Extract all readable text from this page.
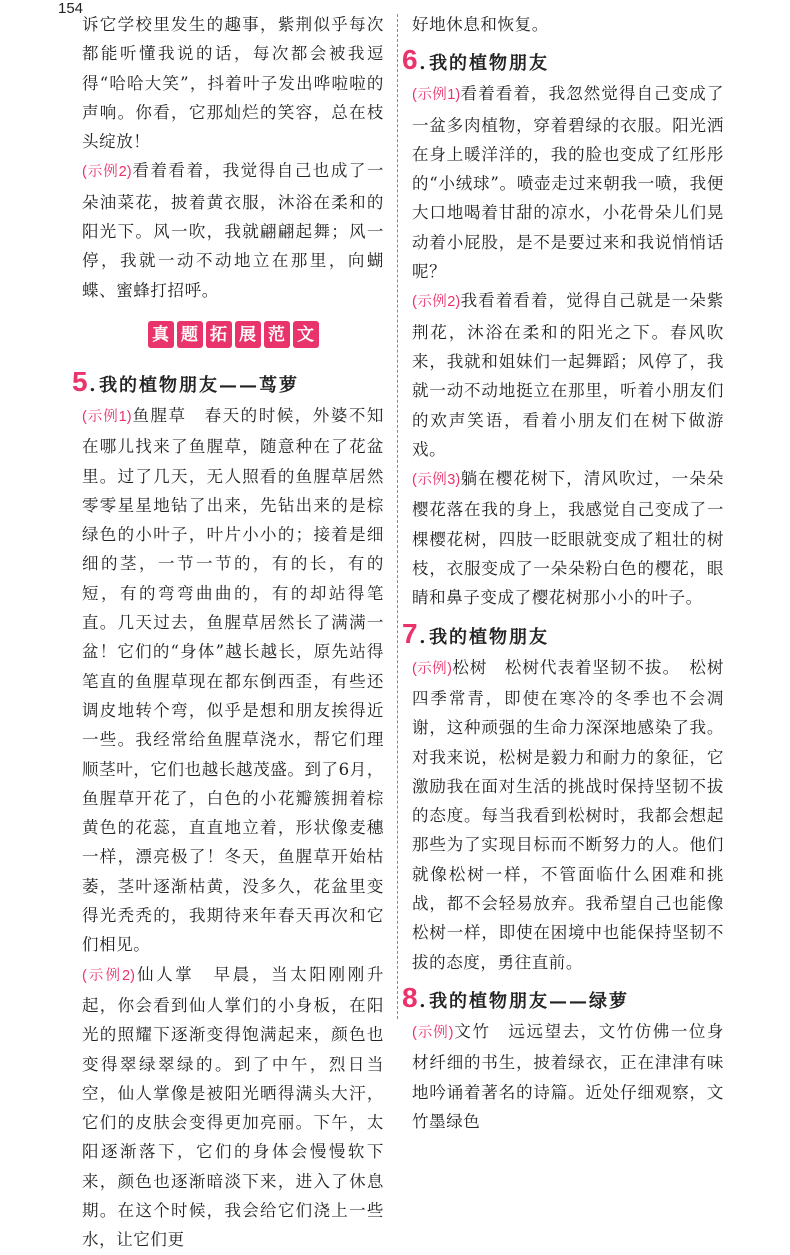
154

诉它学校里发生的趣事，紫荆似乎每次都能听懂我说的话，每次都会被我逗得“哈哈大笑”，抖着叶子发出哗啦啦的声响。你看，它那灿烂的笑容，总在枝头绽放！

(示例2)看着看着，我觉得自己也成了一朵油菜花，披着黄衣服，沐浴在柔和的阳光下。风一吹，我就翩翩起舞；风一停，我就一动不动地立在那里，向蝴蝶、蜜蜂打招呼。

真 题 拓 展 范 文
5 . 我的植物朋友——茑萝

(示例1)鱼腥草　春天的时候，外婆不知在哪儿找来了鱼腥草，随意种在了花盆里。过了几天，无人照看的鱼腥草居然零零星星地钻了出来，先钻出来的是棕绿色的小叶子，叶片小小的；接着是细细的茎，一节一节的，有的长，有的短，有的弯弯曲曲的，有的却站得笔直。几天过去，鱼腥草居然长了满满一盆！它们的“身体”越长越长，原先站得笔直的鱼腥草现在都东倒西歪，有些还调皮地转个弯，似乎是想和朋友挨得近一些。我经常给鱼腥草浇水，帮它们理顺茎叶，它们也越长越茂盛。到了6月，鱼腥草开花了，白色的小花瓣簇拥着棕黄色的花蕊，直直地立着，形状像麦穗一样，漂亮极了！冬天，鱼腥草开始枯萎，茎叶逐渐枯黄，没多久，花盆里变得光秃秃的，我期待来年春天再次和它们相见。

(示例2)仙人掌　早晨，当太阳刚刚升起，你会看到仙人掌们的小身板，在阳光的照耀下逐渐变得饱满起来，颜色也变得翠绿翠绿的。到了中午，烈日当空，仙人掌像是被阳光晒得满头大汗，它们的皮肤会变得更加亮丽。下午，太阳逐渐落下，它们的身体会慢慢软下来，颜色也逐渐暗淡下来，进入了休息期。在这个时候，我会给它们浇上一些水，让它们更

好地休息和恢复。

6 . 我的植物朋友

(示例1)看着看着，我忽然觉得自己变成了一盆多肉植物，穿着碧绿的衣服。阳光洒在身上暖洋洋的，我的脸也变成了红彤彤的“小绒球”。喷壶走过来朝我一喷，我便大口地喝着甘甜的凉水，小花骨朵儿们晃动着小屁股，是不是要过来和我说悄悄话呢？

(示例2)我看着看着，觉得自己就是一朵紫荆花，沐浴在柔和的阳光之下。春风吹来，我就和姐妹们一起舞蹈；风停了，我就一动不动地挺立在那里，听着小朋友们的欢声笑语，看着小朋友们在树下做游戏。

(示例3)躺在樱花树下，清风吹过，一朵朵樱花落在我的身上，我感觉自己变成了一棵樱花树，四肢一眨眼就变成了粗壮的树枝，衣服变成了一朵朵粉白色的樱花，眼睛和鼻子变成了樱花树那小小的叶子。

7 . 我的植物朋友

(示例)松树　松树代表着坚韧不拔。　松树四季常青，即使在寒冷的冬季也不会凋谢，这种顽强的生命力深深地感染了我。对我来说，松树是毅力和耐力的象征，它激励我在面对生活的挑战时保持坚韧不拔的态度。每当我看到松树时，我都会想起那些为了实现目标而不断努力的人。他们就像松树一样，不管面临什么困难和挑战，都不会轻易放弃。我希望自己也能像松树一样，即使在困境中也能保持坚韧不拔的态度，勇往直前。

8 . 我的植物朋友——绿萝

(示例)文竹　远远望去，文竹仿佛一位身材纤细的书生，披着绿衣，正在津津有味地吟诵着著名的诗篇。近处仔细观察，文竹墨绿色
